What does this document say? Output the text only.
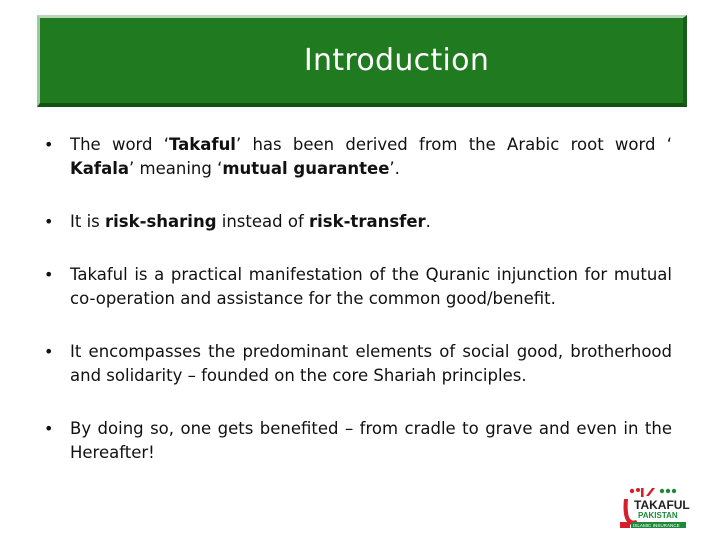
Introduction
• The word ‘Takaful’ has been derived from the Arabic root word ‘ Kafala’ meaning ‘mutual guarantee’.
• It is risk-sharing instead of risk-transfer.
• Takaful is a practical manifestation of the Quranic injunction for mutual co-operation and assistance for the common good/benefit.
• It encompasses the predominant elements of social good, brotherhood and solidarity – founded on the core Shariah principles.
• By doing so, one gets benefited – from cradle to grave and even in the Hereafter!
TAKAFUL
PAKISTAN
ISLAMIC INSURANCE
